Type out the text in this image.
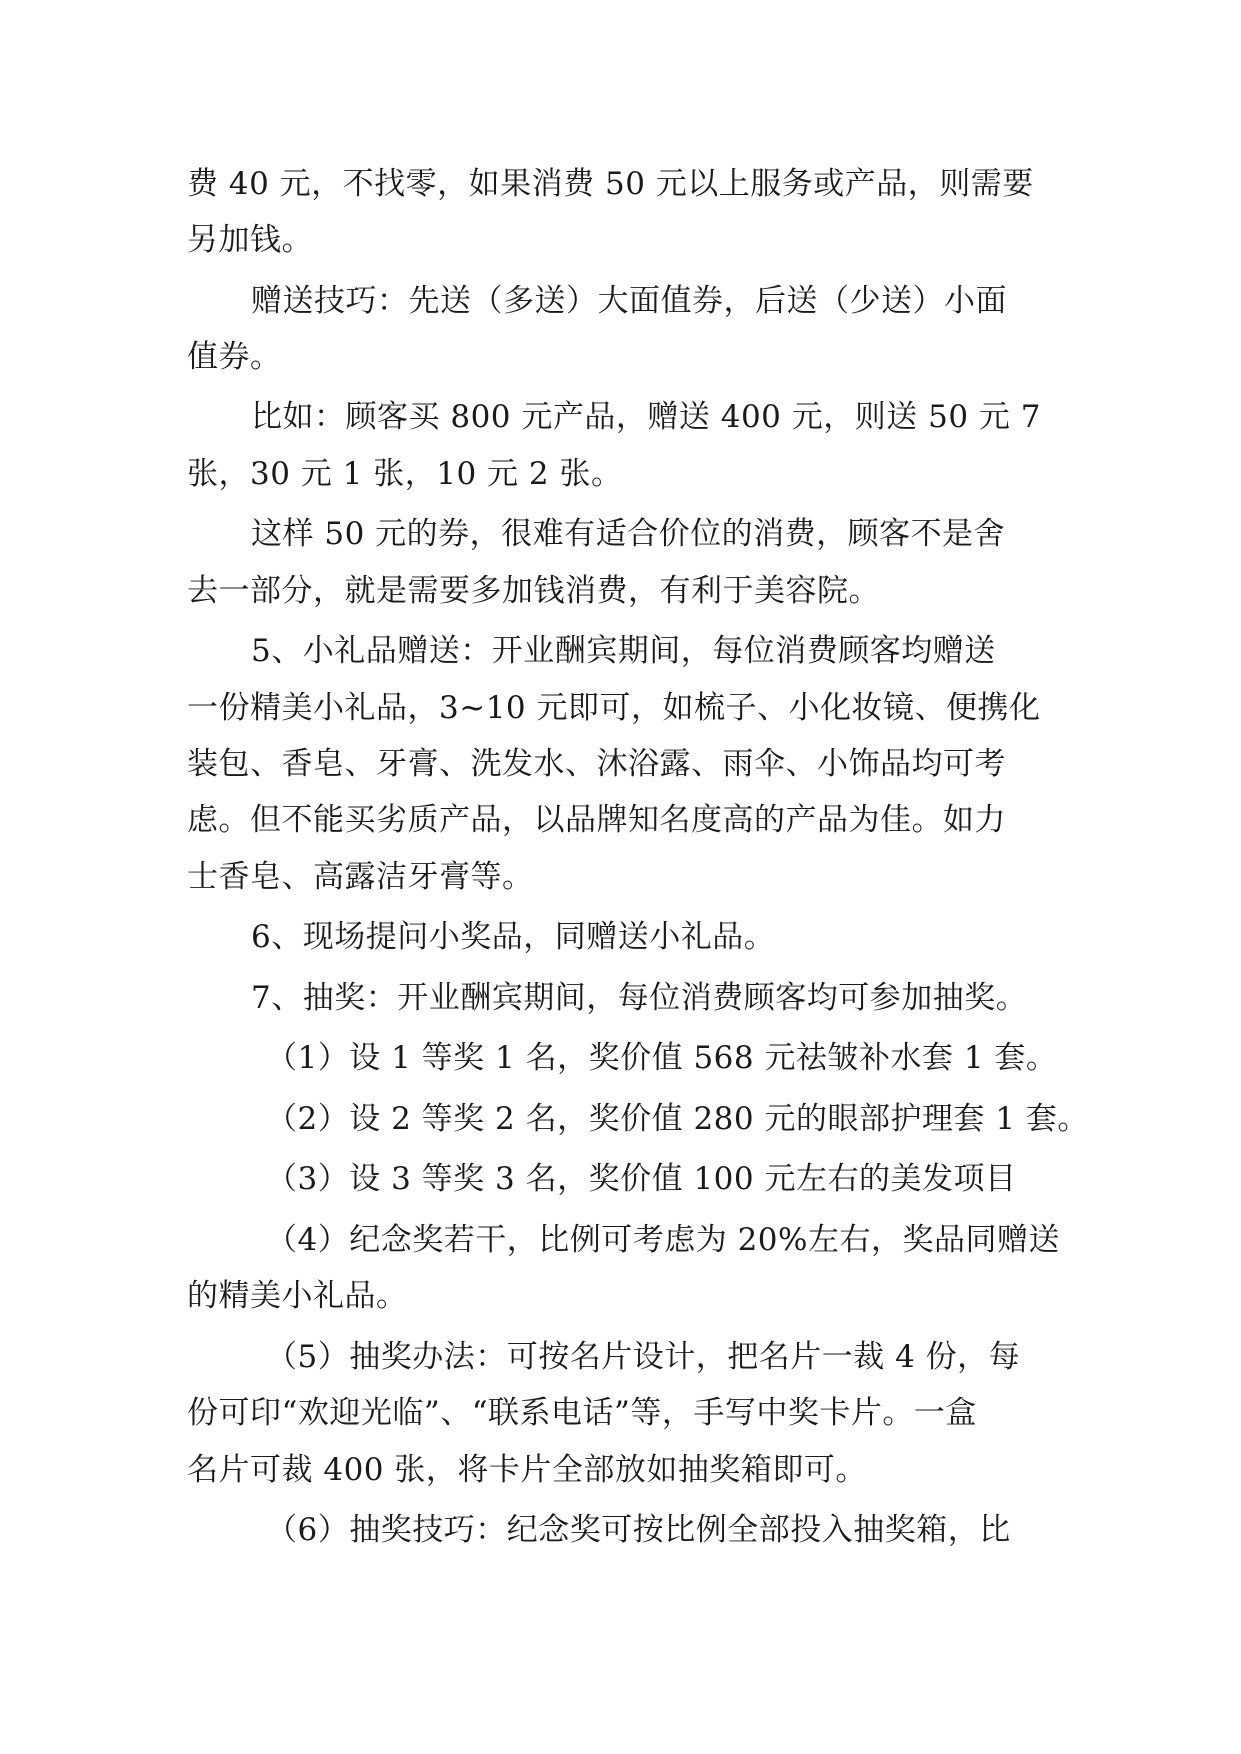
费 40 元，不找零，如果消费 50 元以上服务或产品，则需要
另加钱。
赠送技巧：先送（多送）大面值券，后送（少送）小面
值券。
比如：顾客买 800 元产品，赠送 400 元，则送 50 元 7
张，30 元 1 张，10 元 2 张。
这样 50 元的券，很难有适合价位的消费，顾客不是舍
去一部分，就是需要多加钱消费，有利于美容院。
5、小礼品赠送：开业酬宾期间，每位消费顾客均赠送
一份精美小礼品，3~10 元即可，如梳子、小化妆镜、便携化
装包、香皂、牙膏、洗发水、沐浴露、雨伞、小饰品均可考
虑。但不能买劣质产品，以品牌知名度高的产品为佳。如力
士香皂、高露洁牙膏等。
6、现场提问小奖品，同赠送小礼品。
7、抽奖：开业酬宾期间，每位消费顾客均可参加抽奖。
（1）设 1 等奖 1 名，奖价值 568 元祛皱补水套 1 套。
（2）设 2 等奖 2 名，奖价值 280 元的眼部护理套 1 套。
（3）设 3 等奖 3 名，奖价值 100 元左右的美发项目
（4）纪念奖若干，比例可考虑为 20%左右，奖品同赠送
的精美小礼品。
（5）抽奖办法：可按名片设计，把名片一裁 4 份，每
份可印“欢迎光临”、“联系电话”等，手写中奖卡片。一盒
名片可裁 400 张，将卡片全部放如抽奖箱即可。
（6）抽奖技巧：纪念奖可按比例全部投入抽奖箱，比
